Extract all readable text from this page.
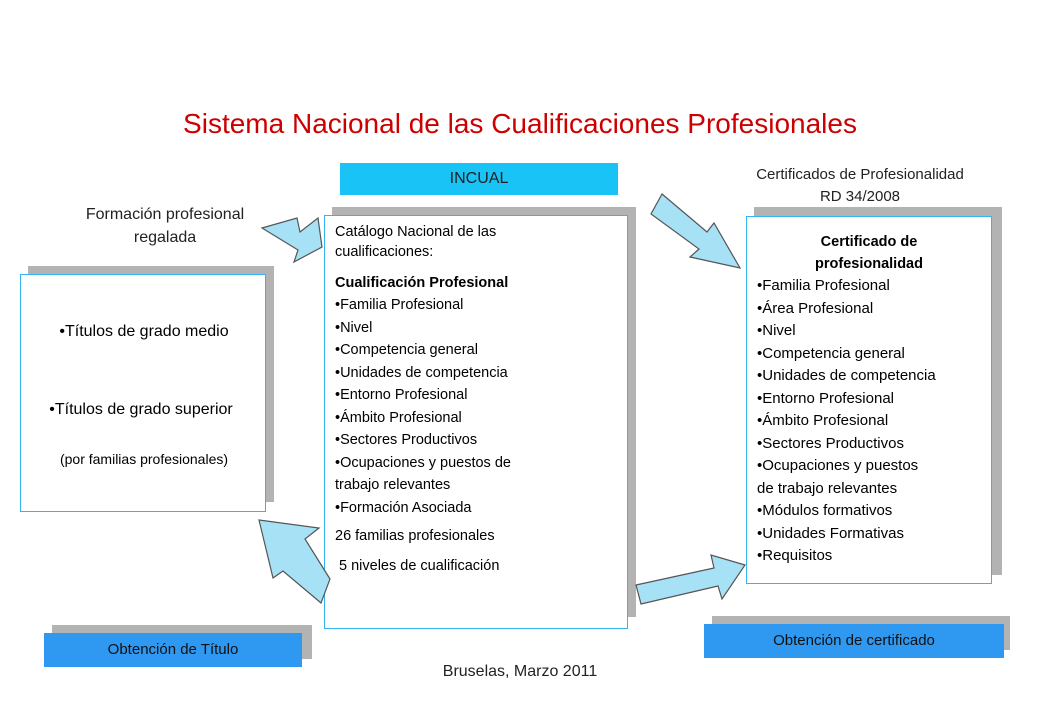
Sistema Nacional de las Cualificaciones Profesionales
INCUAL	Certificados de Profesionalidad
RD 34/2008
Formación profesional
regalada
•Títulos de grado medio
•Títulos de grado superior
(por familias profesionales)
Catálogo Nacional de las
cualificaciones:
Cualificación Profesional
•Familia Profesional
•Nivel
•Competencia general
•Unidades de competencia
•Entorno Profesional
•Ámbito Profesional
•Sectores Productivos
•Ocupaciones y puestos de
trabajo relevantes
•Formación Asociada
26 familias profesionales
5 niveles de cualificación
Certificado de
profesionalidad
•Familia Profesional
•Área Profesional
•Nivel
•Competencia general
•Unidades de competencia
•Entorno Profesional
•Ámbito Profesional
•Sectores Productivos
•Ocupaciones y puestos
de trabajo relevantes
•Módulos formativos
•Unidades Formativas
•Requisitos
Obtención de Título
Obtención de certificado
Bruselas, Marzo 2011
